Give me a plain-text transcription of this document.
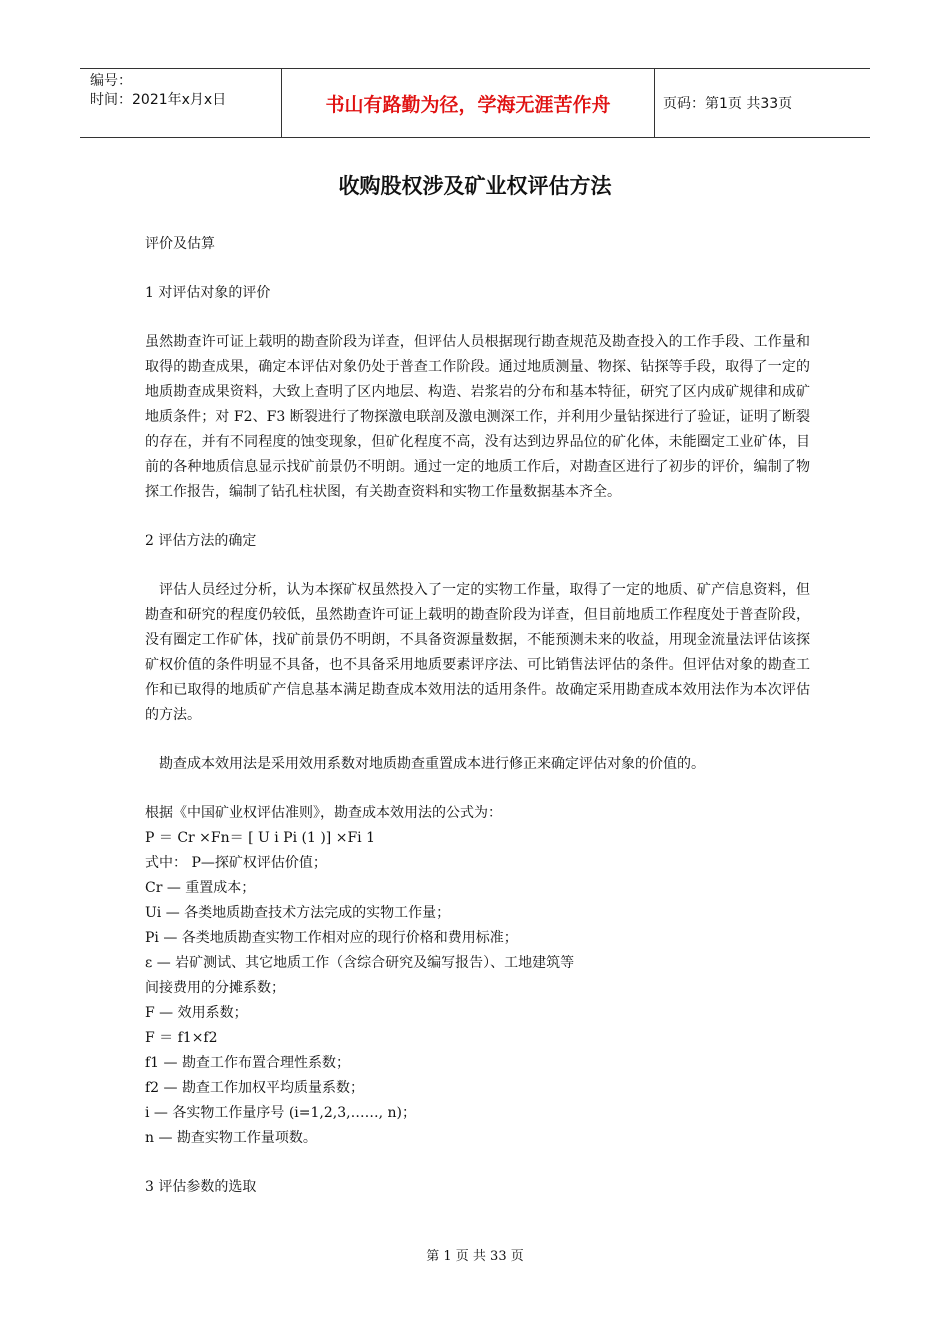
编号：
时间：2021年x月x日	书山有路勤为径，学海无涯苦作舟	页码：第1页 共33页
收购股权涉及矿业权评估方法

评价及估算

1 对评估对象的评价

虽然勘查许可证上载明的勘查阶段为详查，但评估人员根据现行勘查规范及勘查投入的工作手段、工作量和取得的勘查成果，确定本评估对象仍处于普查工作阶段。通过地质测量、物探、钻探等手段，取得了一定的地质勘查成果资料，大致上查明了区内地层、构造、岩浆岩的分布和基本特征，研究了区内成矿规律和成矿地质条件；对 F2、F3 断裂进行了物探激电联剖及激电测深工作，并利用少量钻探进行了验证，证明了断裂的存在，并有不同程度的蚀变现象，但矿化程度不高，没有达到边界品位的矿化体，未能圈定工业矿体，目前的各种地质信息显示找矿前景仍不明朗。通过一定的地质工作后，对勘查区进行了初步的评价，编制了物探工作报告，编制了钻孔柱状图，有关勘查资料和实物工作量数据基本齐全。

2 评估方法的确定

评估人员经过分析，认为本探矿权虽然投入了一定的实物工作量，取得了一定的地质、矿产信息资料，但勘查和研究的程度仍较低，虽然勘查许可证上载明的勘查阶段为详查，但目前地质工作程度处于普查阶段，没有圈定工作矿体，找矿前景仍不明朗，不具备资源量数据，不能预测未来的收益，用现金流量法评估该探矿权价值的条件明显不具备，也不具备采用地质要素评序法、可比销售法评估的条件。但评估对象的勘查工作和已取得的地质矿产信息基本满足勘查成本效用法的适用条件。故确定采用勘查成本效用法作为本次评估的方法。

勘查成本效用法是采用效用系数对地质勘查重置成本进行修正来确定评估对象的价值的。

根据《中国矿业权评估准则》，勘查成本效用法的公式为：

P ＝ Cr ×Fn＝ [ U i Pi (1 )] ×Fi 1

式中： P—探矿权评估价值；

Cr — 重置成本；

Ui — 各类地质勘查技术方法完成的实物工作量；

Pi — 各类地质勘查实物工作相对应的现行价格和费用标准；

ε — 岩矿测试、其它地质工作（含综合研究及编写报告）、工地建筑等

间接费用的分摊系数；

F — 效用系数；

F ＝ f1×f2

f1 — 勘查工作布置合理性系数；

f2 — 勘查工作加权平均质量系数；

i — 各实物工作量序号 (i=1,2,3,……, n)；

n — 勘查实物工作量项数。

3 评估参数的选取

第 1 页 共 33 页
